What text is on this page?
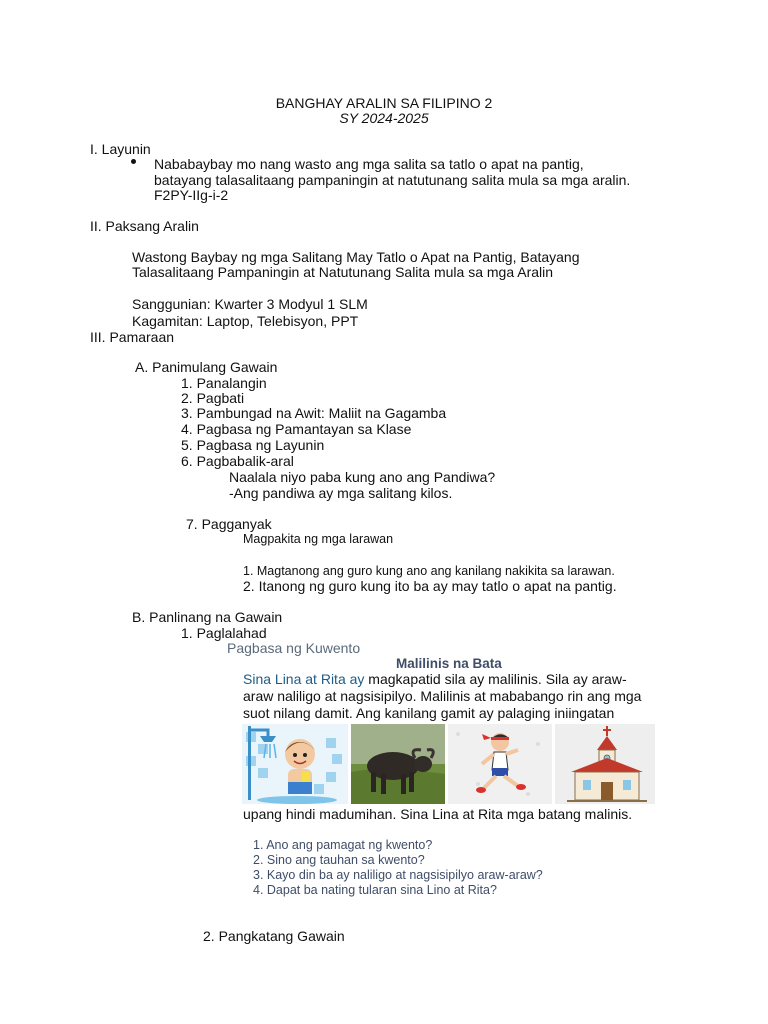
BANGHAY ARALIN SA FILIPINO 2
SY 2024-2025
I. Layunin
Nababaybay mo nang wasto ang mga salita sa tatlo o apat na pantig,
batayang talasalitaang pampaningin at natutunang salita mula sa mga aralin.
F2PY-IIg-i-2
II. Paksang Aralin
Wastong Baybay ng mga Salitang May Tatlo o Apat na Pantig, Batayang
Talasalitaang Pampaningin at Natutunang Salita mula sa mga Aralin
Sanggunian: Kwarter 3 Modyul 1 SLM
Kagamitan: Laptop, Telebisyon, PPT
III. Pamaraan
A. Panimulang Gawain
1. Panalangin
2. Pagbati
3. Pambungad na Awit: Maliit na Gagamba
4. Pagbasa ng Pamantayan sa Klase
5. Pagbasa ng Layunin
6. Pagbabalik-aral
Naalala niyo paba kung ano ang Pandiwa?
-Ang pandiwa ay mga salitang kilos.
7. Pagganyak
Magpakita ng mga larawan
1. Magtanong ang guro kung ano ang kanilang nakikita sa larawan.
2. Itanong ng guro kung ito ba ay may tatlo o apat na pantig.
B. Panlinang na Gawain
1. Paglalahad
Pagbasa ng Kuwento
Malilinis na Bata
Sina Lina at Rita ay magkapatid sila ay malilinis. Sila ay araw-
araw naliligo at nagsisipilyo. Malilinis at mababango rin ang mga
suot nilang damit. Ang kanilang gamit ay palaging iniingatan
upang hindi madumihan. Sina Lina at Rita mga batang malinis.
1. Ano ang pamagat ng kwento?
2. Sino ang tauhan sa kwento?
3. Kayo din ba ay naliligo at nagsisipilyo araw-araw?
4. Dapat ba nating tularan sina Lino at Rita?
2. Pangkatang Gawain
